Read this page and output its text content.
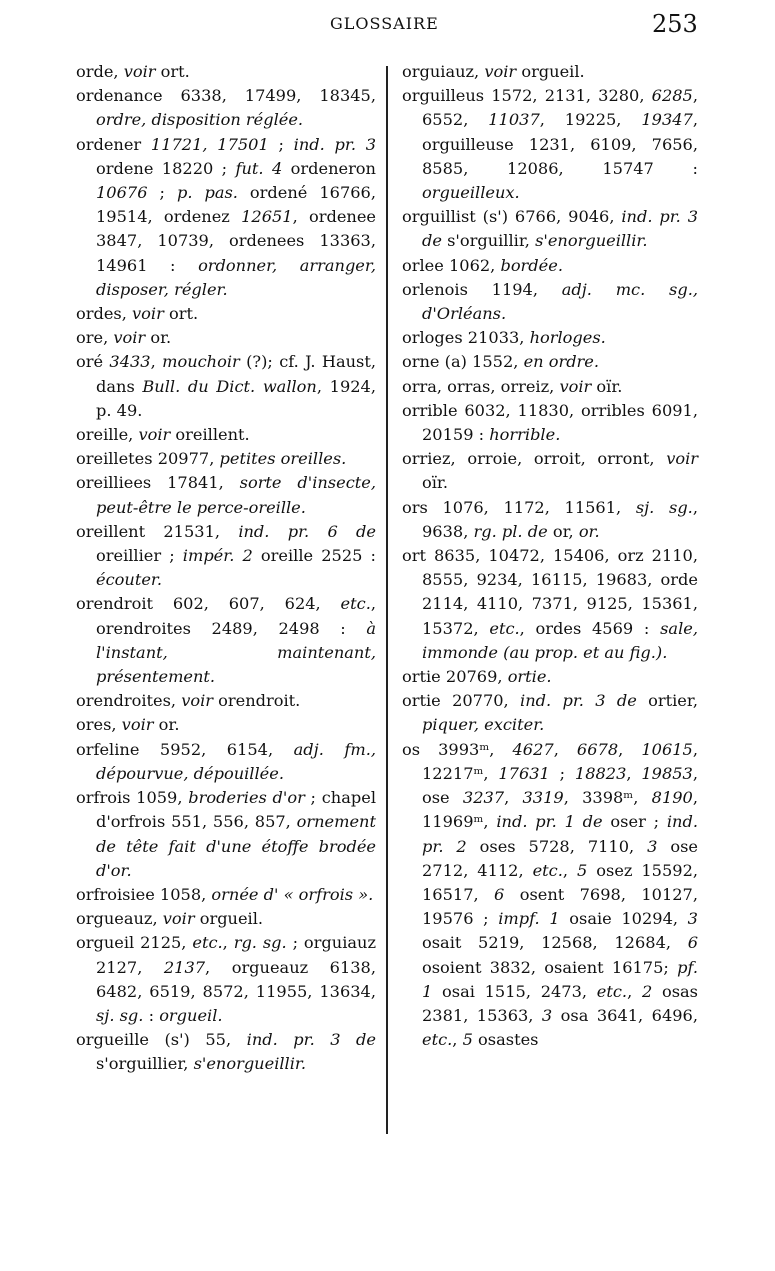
GLOSSAIRE	253
orde, voir ort.
ordenance 6338, 17499, 18345, ordre, disposition réglée.
ordener 11721, 17501 ; ind. pr. 3 ordene 18220 ; fut. 4 ordeneron 10676 ; p. pas. ordené 16766, 19514, ordenez 12651, ordenee 3847, 10739, ordenees 13363, 14961 : ordonner, arranger, disposer, régler.
ordes, voir ort.
ore, voir or.
oré 3433, mouchoir (?); cf. J. Haust, dans Bull. du Dict. wallon, 1924, p. 49.
oreille, voir oreillent.
oreilletes 20977, petites oreilles.
oreilliees 17841, sorte d'insecte, peut-être le perce-oreille.
oreillent 21531, ind. pr. 6 de oreillier ; impér. 2 oreille 2525 : écouter.
orendroit 602, 607, 624, etc., orendroites 2489, 2498 : à l'instant, maintenant, présentement.
orendroites, voir orendroit.
ores, voir or.
orfeline 5952, 6154, adj. fm., dépourvue, dépouillée.
orfrois 1059, broderies d'or ; chapel d'orfrois 551, 556, 857, ornement de tête fait d'une étoffe brodée d'or.
orfroisiee 1058, ornée d' « orfrois ».
orgueauz, voir orgueil.
orgueil 2125, etc., rg. sg. ; orguiauz 2127, 2137, orgueauz 6138, 6482, 6519, 8572, 11955, 13634, sj. sg. : orgueil.
orgueille (s') 55, ind. pr. 3 de s'orguillier, s'enorgueillir.
orguiauz, voir orgueil.
orguilleus 1572, 2131, 3280, 6285, 6552, 11037, 19225, 19347, orguilleuse 1231, 6109, 7656, 8585, 12086, 15747 : orgueilleux.
orguillist (s') 6766, 9046, ind. pr. 3 de s'orguillir, s'enorgueillir.
orlee 1062, bordée.
orlenois 1194, adj. mc. sg., d'Orléans.
orloges 21033, horloges.
orne (a) 1552, en ordre.
orra, orras, orreiz, voir oïr.
orrible 6032, 11830, orribles 6091, 20159 : horrible.
orriez, orroie, orroit, orront, voir oïr.
ors 1076, 1172, 11561, sj. sg., 9638, rg. pl. de or, or.
ort 8635, 10472, 15406, orz 2110, 8555, 9234, 16115, 19683, orde 2114, 4110, 7371, 9125, 15361, 15372, etc., ordes 4569 : sale, immonde (au prop. et au fig.).
ortie 20769, ortie.
ortie 20770, ind. pr. 3 de ortier, piquer, exciter.
os 3993ᵐ, 4627, 6678, 10615, 12217ᵐ, 17631 ; 18823, 19853, ose 3237, 3319, 3398ᵐ, 8190, 11969ᵐ, ind. pr. 1 de oser ; ind. pr. 2 oses 5728, 7110, 3 ose 2712, 4112, etc., 5 osez 15592, 16517, 6 osent 7698, 10127, 19576 ; impf. 1 osaie 10294, 3 osait 5219, 12568, 12684, 6 osoient 3832, osaient 16175; pf. 1 osai 1515, 2473, etc., 2 osas 2381, 15363, 3 osa 3641, 6496, etc., 5 osastes
